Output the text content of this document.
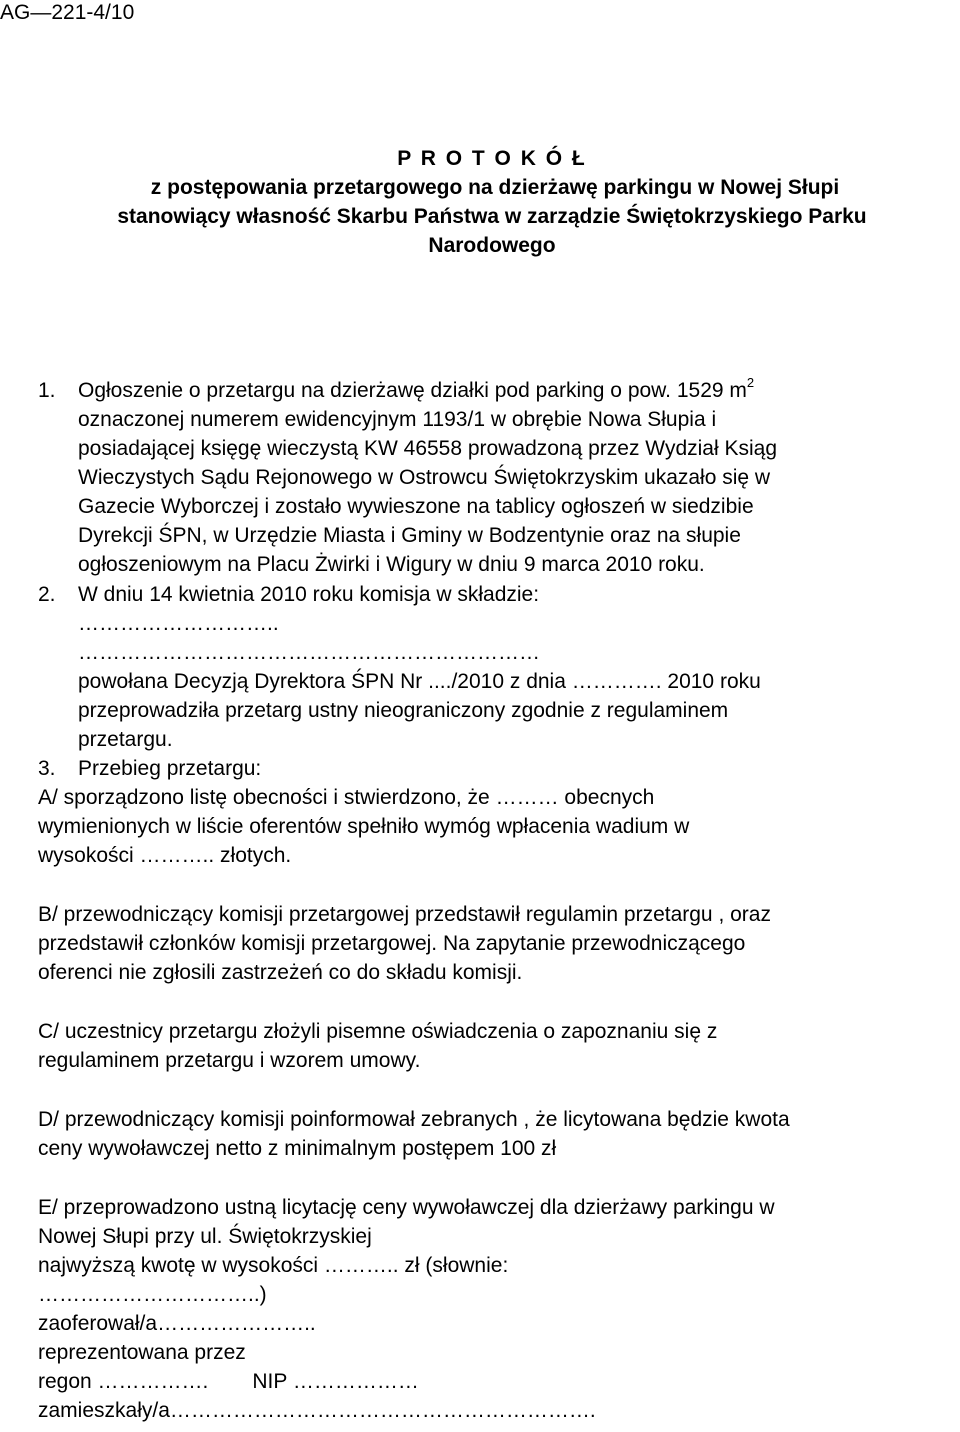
AG—221-4/10
P R O T O K Ó Ł
z postępowania przetargowego na dzierżawę parkingu w Nowej Słupi
stanowiący własność Skarbu Państwa w zarządzie Świętokrzyskiego Parku
Narodowego
1. Ogłoszenie o przetargu na dzierżawę działki pod parking o pow. 1529 $m^2$
oznaczonej numerem ewidencyjnym 1193/1 w obrębie Nowa Słupia i
posiadającej księgę wieczystą KW 46558 prowadzoną przez Wydział Ksiąg
Wieczystych Sądu Rejonowego w Ostrowcu Świętokrzyskim ukazało się w
Gazecie Wyborczej i zostało wywieszone na tablicy ogłoszeń w siedzibie
Dyrekcji ŚPN, w Urzędzie Miasta i Gminy w Bodzentynie oraz na słupie
ogłoszeniowym na Placu Żwirki i Wigury w dniu 9 marca 2010 roku.
2. W dniu 14 kwietnia 2010 roku komisja w składzie:
………………………..
…………………………………………………………
powołana Decyzją Dyrektora ŚPN Nr ..../2010 z dnia …………. 2010 roku
przeprowadziła przetarg ustny nieograniczony zgodnie z regulaminem
przetargu.
3. Przebieg przetargu:
A/ sporządzono listę obecności i stwierdzono, że ……… obecnych
wymienionych w liście oferentów spełniło wymóg wpłacenia wadium w
wysokości ……….. złotych.
B/ przewodniczący komisji przetargowej przedstawił regulamin przetargu , oraz
przedstawił członków komisji przetargowej. Na zapytanie przewodniczącego
oferenci nie zgłosili zastrzeżeń co do składu komisji.
C/ uczestnicy przetargu złożyli pisemne oświadczenia o zapoznaniu się z
regulaminem przetargu i wzorem umowy.
D/ przewodniczący komisji poinformował zebranych , że licytowana będzie kwota
ceny wywoławczej netto z minimalnym postępem 100 zł
E/ przeprowadzono ustną licytację ceny wywoławczej dla dzierżawy parkingu w
Nowej Słupi przy ul. Świętokrzyskiej
najwyższą kwotę w wysokości ……….. zł (słownie:
…………………………..)
zaoferował/a…………………..
reprezentowana przez
regon ……………. NIP ………………
zamieszkały/a…………………………………………………….
